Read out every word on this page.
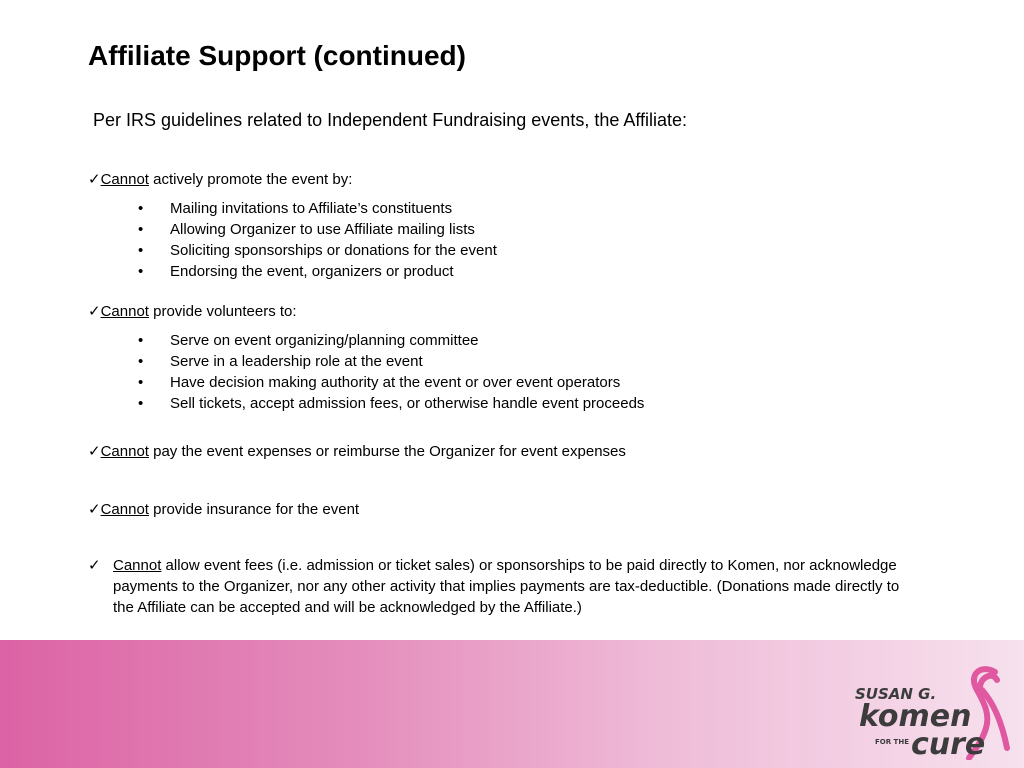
Affiliate Support (continued)
Per IRS guidelines related to Independent Fundraising events, the Affiliate:
✓Cannot actively promote the event by:
• Mailing invitations to Affiliate’s constituents
• Allowing Organizer to use Affiliate mailing lists
• Soliciting sponsorships or donations for the event
• Endorsing the event, organizers or product
✓Cannot provide volunteers to:
• Serve on event organizing/planning committee
• Serve in a leadership role at the event
• Have decision making authority at the event or over event operators
• Sell tickets, accept admission fees, or otherwise handle event proceeds
✓Cannot pay the event expenses or reimburse the Organizer for event expenses
✓Cannot provide insurance for the event
✓ Cannot allow event fees (i.e. admission or ticket sales) or sponsorships to be paid directly to Komen, nor acknowledge payments to the Organizer, nor any other activity that implies payments are tax-deductible. (Donations made directly to the Affiliate can be accepted and will be acknowledged by the Affiliate.)
SUSAN G.
komen
FOR THE cure
